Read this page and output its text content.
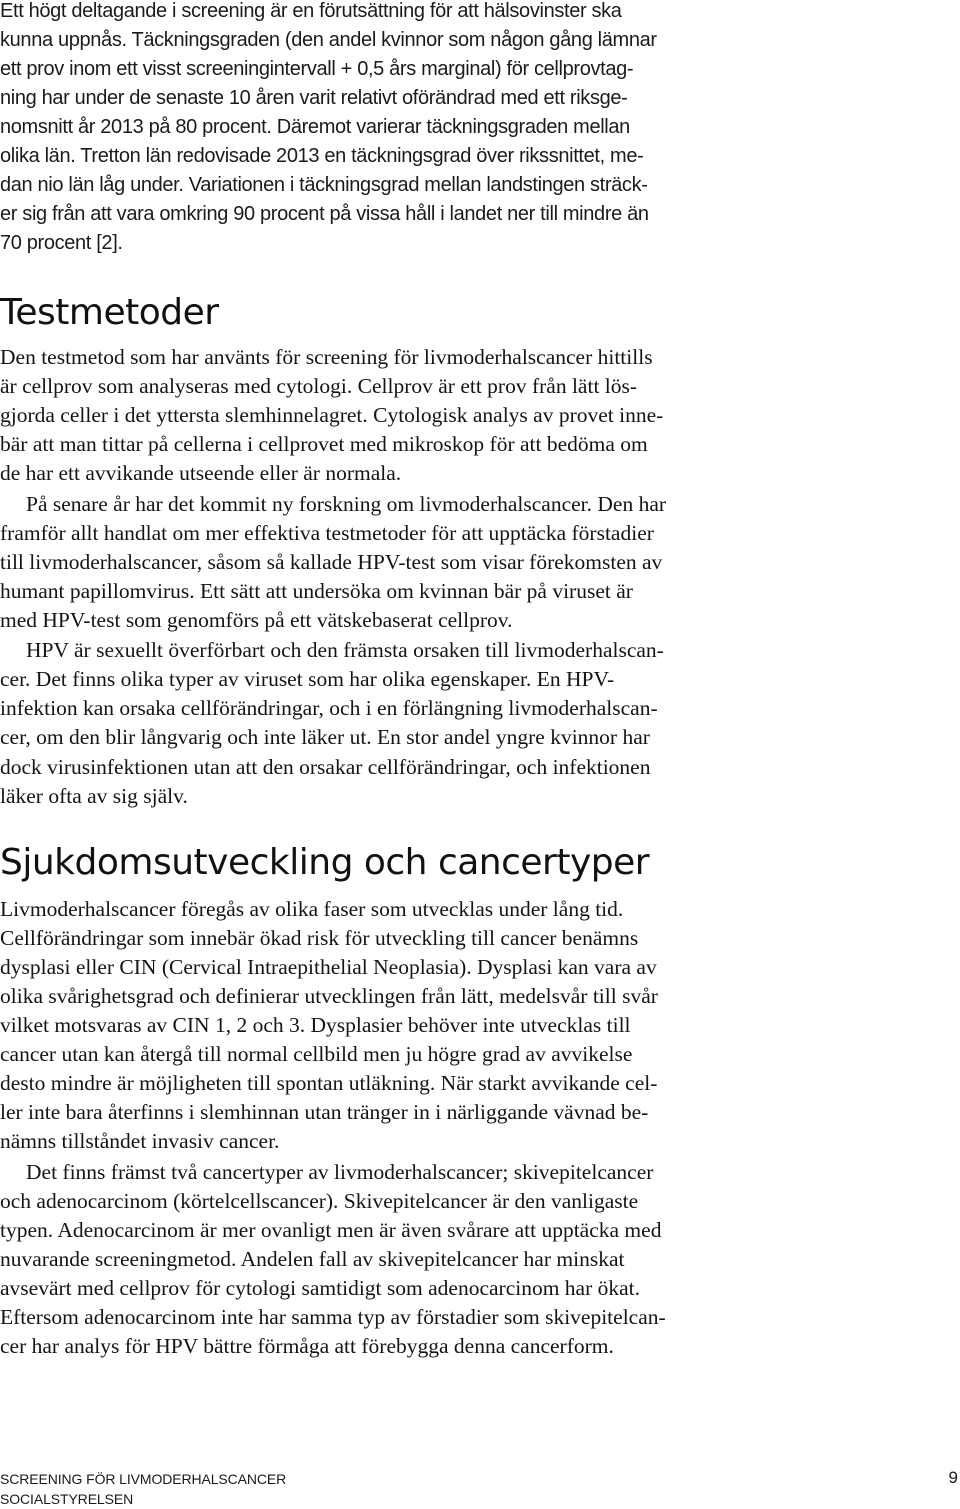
Ett högt deltagande i screening är en förutsättning för att hälsovinster ska

kunna uppnås. Täckningsgraden (den andel kvinnor som någon gång lämnar

ett prov inom ett visst screeningintervall + 0,5 års marginal) för cellprovtag-

ning har under de senaste 10 åren varit relativt oförändrad med ett riksge-

nomsnitt år 2013 på 80 procent. Däremot varierar täckningsgraden mellan

olika län. Tretton län redovisade 2013 en täckningsgrad över rikssnittet, me-

dan nio län låg under. Variationen i täckningsgrad mellan landstingen sträck-

er sig från att vara omkring 90 procent på vissa håll i landet ner till mindre än

70 procent [2].

Testmetoder

Den testmetod som har använts för screening för livmoderhalscancer hittills

är cellprov som analyseras med cytologi. Cellprov är ett prov från lätt lös-

gjorda celler i det yttersta slemhinnelagret. Cytologisk analys av provet inne-

bär att man tittar på cellerna i cellprovet med mikroskop för att bedöma om

de har ett avvikande utseende eller är normala.

På senare år har det kommit ny forskning om livmoderhalscancer. Den har

framför allt handlat om mer effektiva testmetoder för att upptäcka förstadier

till livmoderhalscancer, såsom så kallade HPV-test som visar förekomsten av

humant papillomvirus. Ett sätt att undersöka om kvinnan bär på viruset är

med HPV-test som genomförs på ett vätskebaserat cellprov.

HPV är sexuellt överförbart och den främsta orsaken till livmoderhalscan-

cer. Det finns olika typer av viruset som har olika egenskaper. En HPV-

infektion kan orsaka cellförändringar, och i en förlängning livmoderhalscan-

cer, om den blir långvarig och inte läker ut. En stor andel yngre kvinnor har

dock virusinfektionen utan att den orsakar cellförändringar, och infektionen

läker ofta av sig själv.

Sjukdomsutveckling och cancertyper

Livmoderhalscancer föregås av olika faser som utvecklas under lång tid.

Cellförändringar som innebär ökad risk för utveckling till cancer benämns

dysplasi eller CIN (Cervical Intraepithelial Neoplasia). Dysplasi kan vara av

olika svårighetsgrad och definierar utvecklingen från lätt, medelsvår till svår

vilket motsvaras av CIN 1, 2 och 3. Dysplasier behöver inte utvecklas till

cancer utan kan återgå till normal cellbild men ju högre grad av avvikelse

desto mindre är möjligheten till spontan utläkning. När starkt avvikande cel-

ler inte bara återfinns i slemhinnan utan tränger in i närliggande vävnad be-

nämns tillståndet invasiv cancer.

Det finns främst två cancertyper av livmoderhalscancer; skivepitelcancer

och adenocarcinom (körtelcellscancer). Skivepitelcancer är den vanligaste

typen. Adenocarcinom är mer ovanligt men är även svårare att upptäcka med

nuvarande screeningmetod. Andelen fall av skivepitelcancer har minskat

avsevärt med cellprov för cytologi samtidigt som adenocarcinom har ökat.

Eftersom adenocarcinom inte har samma typ av förstadier som skivepitelcan-

cer har analys för HPV bättre förmåga att förebygga denna cancerform.

SCREENING FÖR LIVMODERHALSCANCER
SOCIALSTYRELSEN
9
